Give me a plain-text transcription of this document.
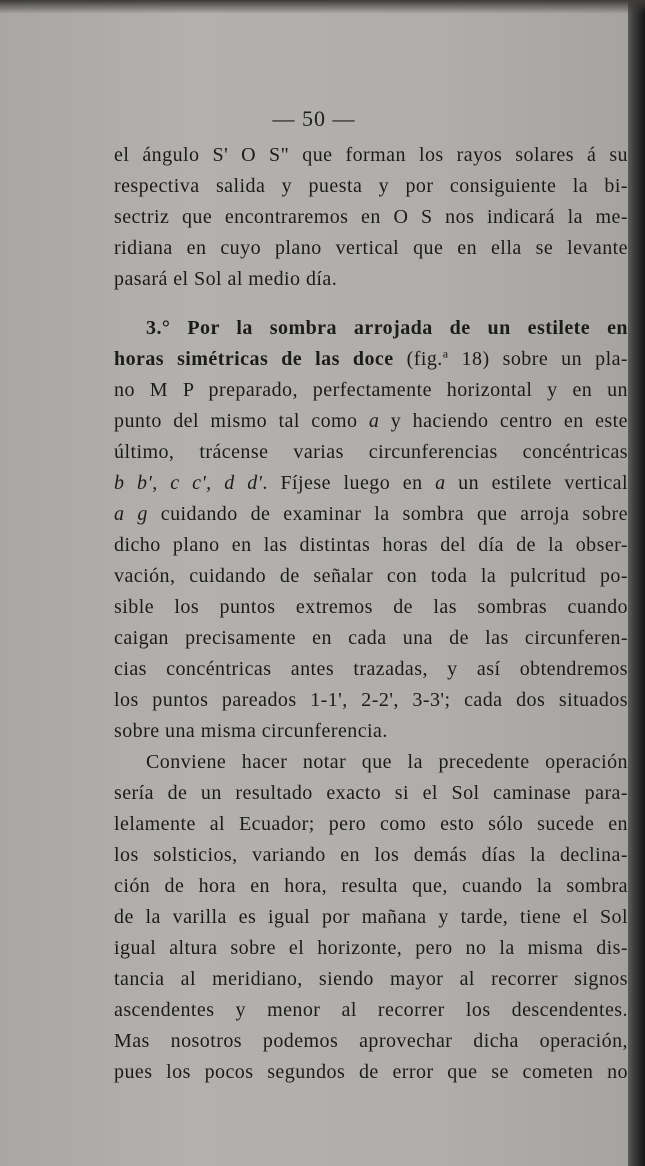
— 50 —
el ángulo S' O S" que forman los rayos solares á su
respectiva salida y puesta y por consiguiente la bi-
sectriz que encontraremos en O S nos indicará la me-
ridiana en cuyo plano vertical que en ella se levante
pasará el Sol al medio día.
3.° Por la sombra arrojada de un estilete en
horas simétricas de las doce (fig.$^a$ 18) sobre un pla-
no M P preparado, perfectamente horizontal y en un
punto del mismo tal como a y haciendo centro en este
último, trácense varias circunferencias concéntricas
b b', c c', d d'. Fíjese luego en a un estilete vertical
a g cuidando de examinar la sombra que arroja sobre
dicho plano en las distintas horas del día de la obser-
vación, cuidando de señalar con toda la pulcritud po-
sible los puntos extremos de las sombras cuando
caigan precisamente en cada una de las circunferen-
cias concéntricas antes trazadas, y así obtendremos
los puntos pareados 1-1', 2-2', 3-3'; cada dos situados
sobre una misma circunferencia.
Conviene hacer notar que la precedente operación
sería de un resultado exacto si el Sol caminase para-
lelamente al Ecuador; pero como esto sólo sucede en
los solsticios, variando en los demás días la declina-
ción de hora en hora, resulta que, cuando la sombra
de la varilla es igual por mañana y tarde, tiene el Sol
igual altura sobre el horizonte, pero no la misma dis-
tancia al meridiano, siendo mayor al recorrer signos
ascendentes y menor al recorrer los descendentes.
Mas nosotros podemos aprovechar dicha operación,
pues los pocos segundos de error que se cometen no
